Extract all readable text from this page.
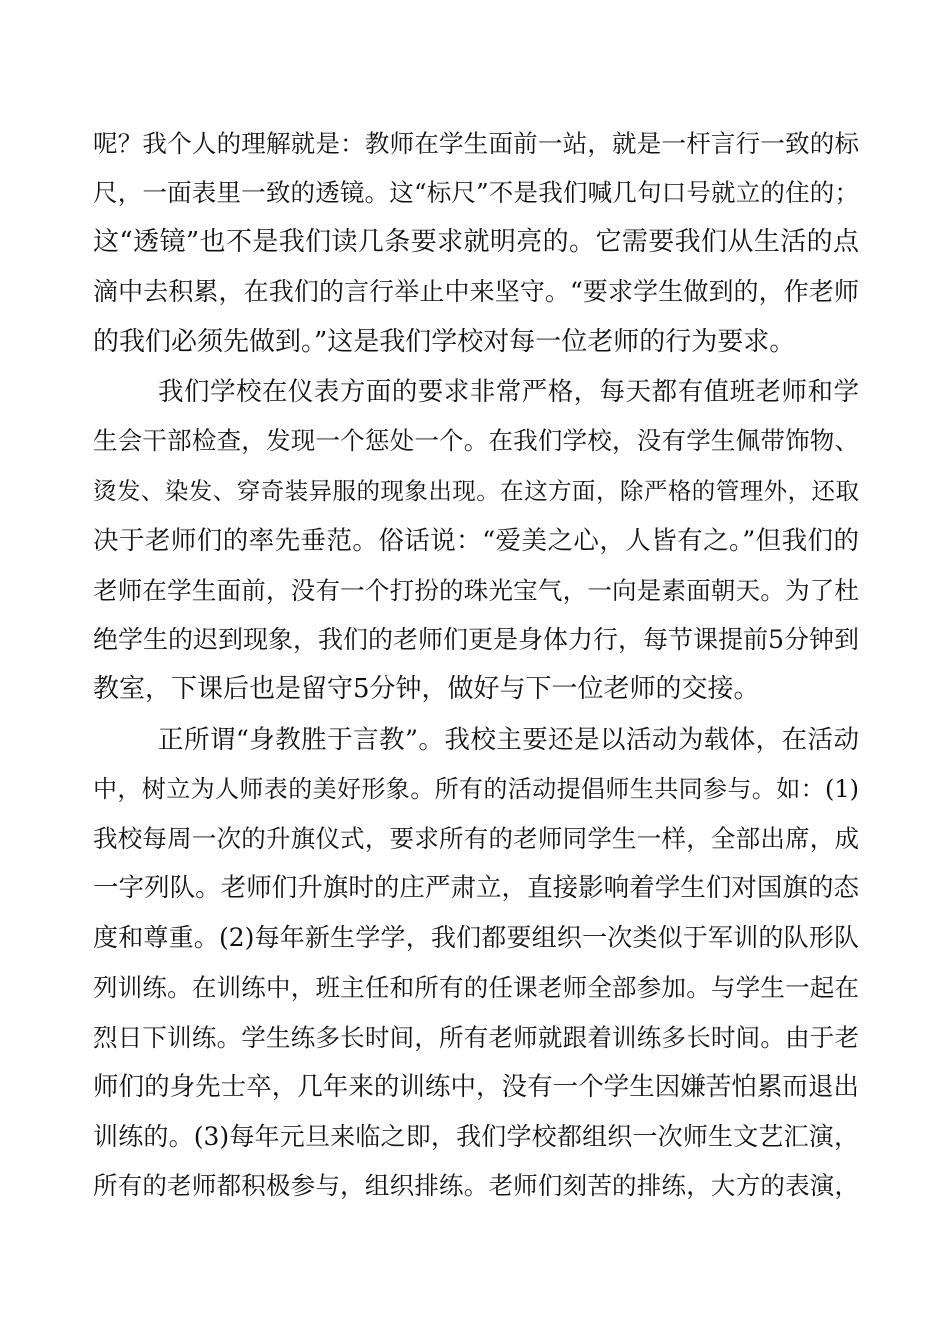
呢？我个人的理解就是：教师在学生面前一站，就是一杆言行一致的标
尺，一面表里一致的透镜。这“标尺”不是我们喊几句口号就立的住的；
这“透镜”也不是我们读几条要求就明亮的。它需要我们从生活的点
滴中去积累，在我们的言行举止中来坚守。“要求学生做到的，作老师
的我们必须先做到。”这是我们学校对每一位老师的行为要求。
我们学校在仪表方面的要求非常严格，每天都有值班老师和学
生会干部检查，发现一个惩处一个。在我们学校，没有学生佩带饰物、
烫发、染发、穿奇装异服的现象出现。在这方面，除严格的管理外，还取
决于老师们的率先垂范。俗话说：“爱美之心，人皆有之。”但我们的
老师在学生面前，没有一个打扮的珠光宝气，一向是素面朝天。为了杜
绝学生的迟到现象，我们的老师们更是身体力行，每节课提前5分钟到
教室，下课后也是留守5分钟，做好与下一位老师的交接。
正所谓“身教胜于言教”。我校主要还是以活动为载体，在活动
中，树立为人师表的美好形象。所有的活动提倡师生共同参与。如：(1)
我校每周一次的升旗仪式，要求所有的老师同学生一样，全部出席，成
一字列队。老师们升旗时的庄严肃立，直接影响着学生们对国旗的态
度和尊重。(2)每年新生学学，我们都要组织一次类似于军训的队形队
列训练。在训练中，班主任和所有的任课老师全部参加。与学生一起在
烈日下训练。学生练多长时间，所有老师就跟着训练多长时间。由于老
师们的身先士卒，几年来的训练中，没有一个学生因嫌苦怕累而退出
训练的。(3)每年元旦来临之即，我们学校都组织一次师生文艺汇演，
所有的老师都积极参与，组织排练。老师们刻苦的排练，大方的表演，
